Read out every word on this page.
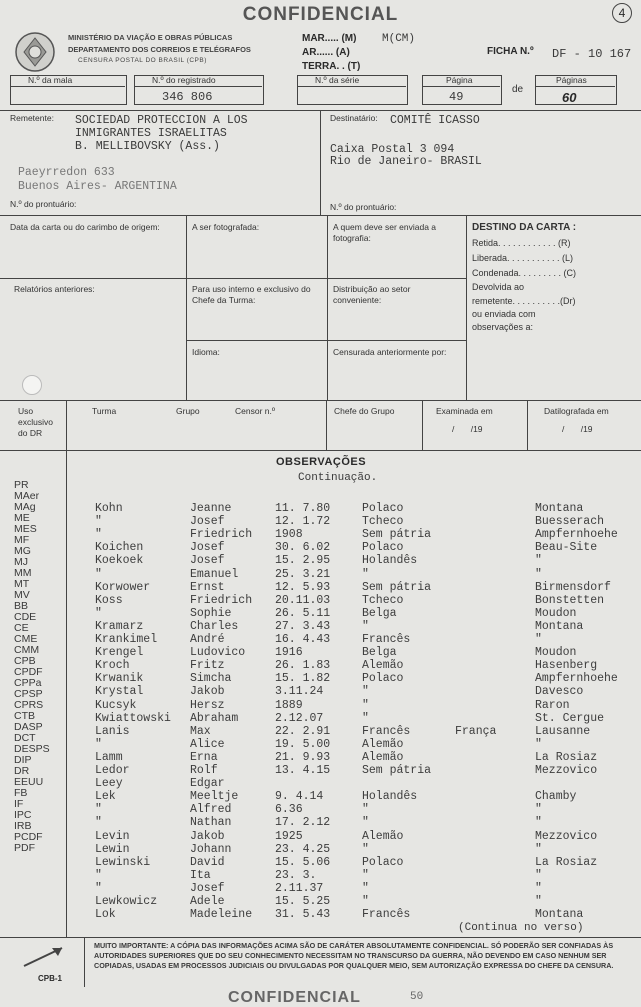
CONFIDENCIAL	4
MINISTÉRIO DA VIAÇÃO E OBRAS PÚBLICAS
DEPARTAMENTO DOS CORREIOS E TELÉGRAFOS
CENSURA POSTAL DO BRASIL (CPB)
MAR..... (M) M(CM)
AR...... (A)
TERRA. . (T)
FICHA N.º DF - 10 167
N.º da mala	N.º do registrado
346 806
N.º da série	Página
49
de
Páginas
60
Remetente: SOCIEDAD PROTECCION A LOS
INMIGRANTES ISRAELITAS
B. MELLIBOVSKY (Ass.)
Paeyrredon 633
Buenos Aires- ARGENTINA
N.º do prontuário:
Destinatário: COMITÊ ICASSO
Caixa Postal 3 094
Rio de Janeiro- BRASIL
N.º do prontuário:
Data da carta ou do carimbo de origem:	A ser fotografada:	A quem deve ser enviada a fotografia:
DESTINO DA CARTA :
Retida. . . . . . . . . . . . (R)
Liberada. . . . . . . . . . . (L)
Condenada. . . . . . . . . (C)
Devolvida ao
remetente. . . . . . . . . .(Dr)
ou enviada com
observações a:
Relatórios anteriores:	Para uso interno e exclusivo do Chefe da Turma:
Distribuição ao setor conveniente:
Idioma:	Censurada anteriormente por:
Uso exclusivo do DR
Turma	Grupo	Censor n.º	Chefe do Grupo	Examinada em
/ /19
Datilografada em
/ /19
OBSERVAÇÕES
Continuação.
PR
MAer
MAg
ME
MES
MF
MG
MJ
MM
MT
MV
BB
CDE
CE
CME
CMM
CPB
CPDF
CPPa
CPSP
CPRS
CTB
DASP
DCT
DESPS
DIP
DR
EEUU
FB
IF
IPC
IRB
PCDF
PDF
Kohn	Jeanne	11. 7.80	Polaco	Montana
"	Josef	12. 1.72	Tcheco	Buesserach
"	Friedrich 1908	Sem pátria	Ampfernhoehe
Koichen	Josef	30. 6.02	Polaco	Beau-Site
Koekoek	Josef	15. 2.95	Holandês	"
"	Emanuel	25. 3.21	"	"
Korwower	Ernst	12. 5.93	Sem pátria	Birmensdorf
Koss	Friedrich 20.11.03	Tcheco	Bonstetten
"	Sophie	26. 5.11	Belga	Moudon
Kramarz	Charles	27. 3.43	"	Montana
Krankimel	André	16. 4.43	Francês	"
Krengel	Ludovico	1916	Belga	Moudon
Kroch	Fritz	26. 1.83	Alemão	Hasenberg
Krwanik	Simcha	15. 1.82	Polaco	Ampfernhoehe
Krystal	Jakob	3.11.24	"	Davesco
Kucsyk	Hersz	1889	"	Raron
Kwiattowski Abraham	2.12.07	"	St. Cergue
Lanis	Max	22. 2.91	Francês	França	Lausanne
"	Alice	19. 5.00	Alemão	"
Lamm	Erna	21. 9.93	Alemão	La Rosiaz
Ledor	Rolf	13. 4.15	Sem pátria	Mezzovico
Leey	Edgar
Lek	Meeltje	9. 4.14	Holandês	Chamby
"	Alfred	6.36	"	"
"	Nathan	17. 2.12	"	"
Levin	Jakob	1925	Alemão	Mezzovico
Lewin	Johann	23. 4.25	"	"
Lewinski	David	15. 5.06	Polaco	La Rosiaz
"	Ita	23. 3.	"	"
"	Josef	2.11.37	"	"
Lewkowicz	Adele	15. 5.25	"	"
Lok	Madeleine 31. 5.43	Francês	Montana
(Continua no verso)
CPB-1
MUITO IMPORTANTE: A CÓPIA DAS INFORMAÇÕES ACIMA SÃO DE CARÁTER ABSOLUTAMENTE CONFIDENCIAL. SÓ PODERÃO SER CONFIADAS ÀS AUTORIDADES SUPERIORES QUE DO SEU CONHECIMENTO NECESSITAM NO TRANSCURSO DA GUERRA, NÃO DEVENDO EM CASO NENHUM SER COPIADAS, USADAS EM PROCESSOS JUDICIAIS OU DIVULGADAS POR QUALQUER MEIO, SEM AUTORIZAÇÃO EXPRESSA DO CHEFE DA CENSURA.
CONFIDENCIAL	50
